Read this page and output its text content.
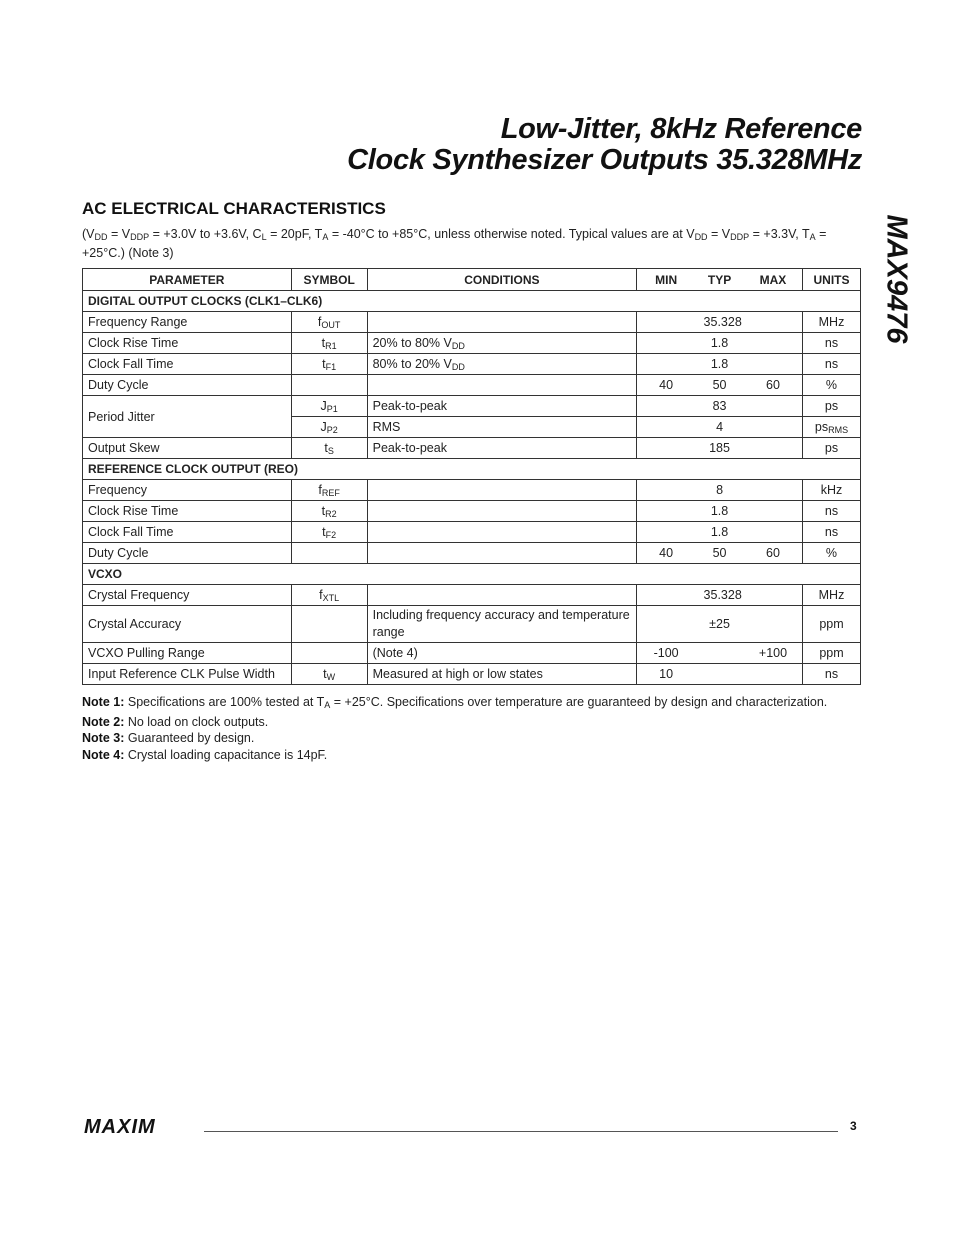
Low-Jitter, 8kHz Reference
Clock Synthesizer Outputs 35.328MHz
MAX9476
AC ELECTRICAL CHARACTERISTICS
($V_{DD} = V_{DDP} = +3.0V$ to +3.6V, $C_L = 20pF$, $T_A = -40^\circ C$ to +85°C, unless otherwise noted. Typical values are at $V_{DD} = V_{DDP} = +3.3V$, $T_A = +25^\circ C$.) (Note 3)
PARAMETER	SYMBOL	CONDITIONS	MIN TYP MAX	UNITS
DIGITAL OUTPUT CLOCKS (CLK1–CLK6)				
Frequency Range	$f_{OUT}$		35.328	MHz
Clock Rise Time	$t_{R1}$	20% to 80% $V_{DD}$	1.8	ns
Clock Fall Time	$t_{F1}$	80% to 20% $V_{DD}$	1.8	ns
Duty Cycle			40 50 60	%
Period Jitter	$J_{P1}$	Peak-to-peak	83	ps
	$J_{P2}$	RMS	4	$ps_{RMS}$
Output Skew	$t_S$	Peak-to-peak	185	ps
REFERENCE CLOCK OUTPUT (REO)				
Frequency	$f_{REF}$		8	kHz
Clock Rise Time	$t_{R2}$		1.8	ns
Clock Fall Time	$t_{F2}$		1.8	ns
Duty Cycle			40 50 60	%
VCXO				
Crystal Frequency	$f_{XTL}$		35.328	MHz
Crystal Accuracy		Including frequency accuracy and temperature range	±25	ppm
VCXO Pulling Range		(Note 4)	-100 +100	ppm
Input Reference CLK Pulse Width	$t_W$	Measured at high or low states	10	ns
Note 1: Specifications are 100% tested at $T_A = +25^\circ C$. Specifications over temperature are guaranteed by design and characterization.
Note 2: No load on clock outputs.
Note 3: Guaranteed by design.
Note 4: Crystal loading capacitance is 14pF.
MAXIM	3
